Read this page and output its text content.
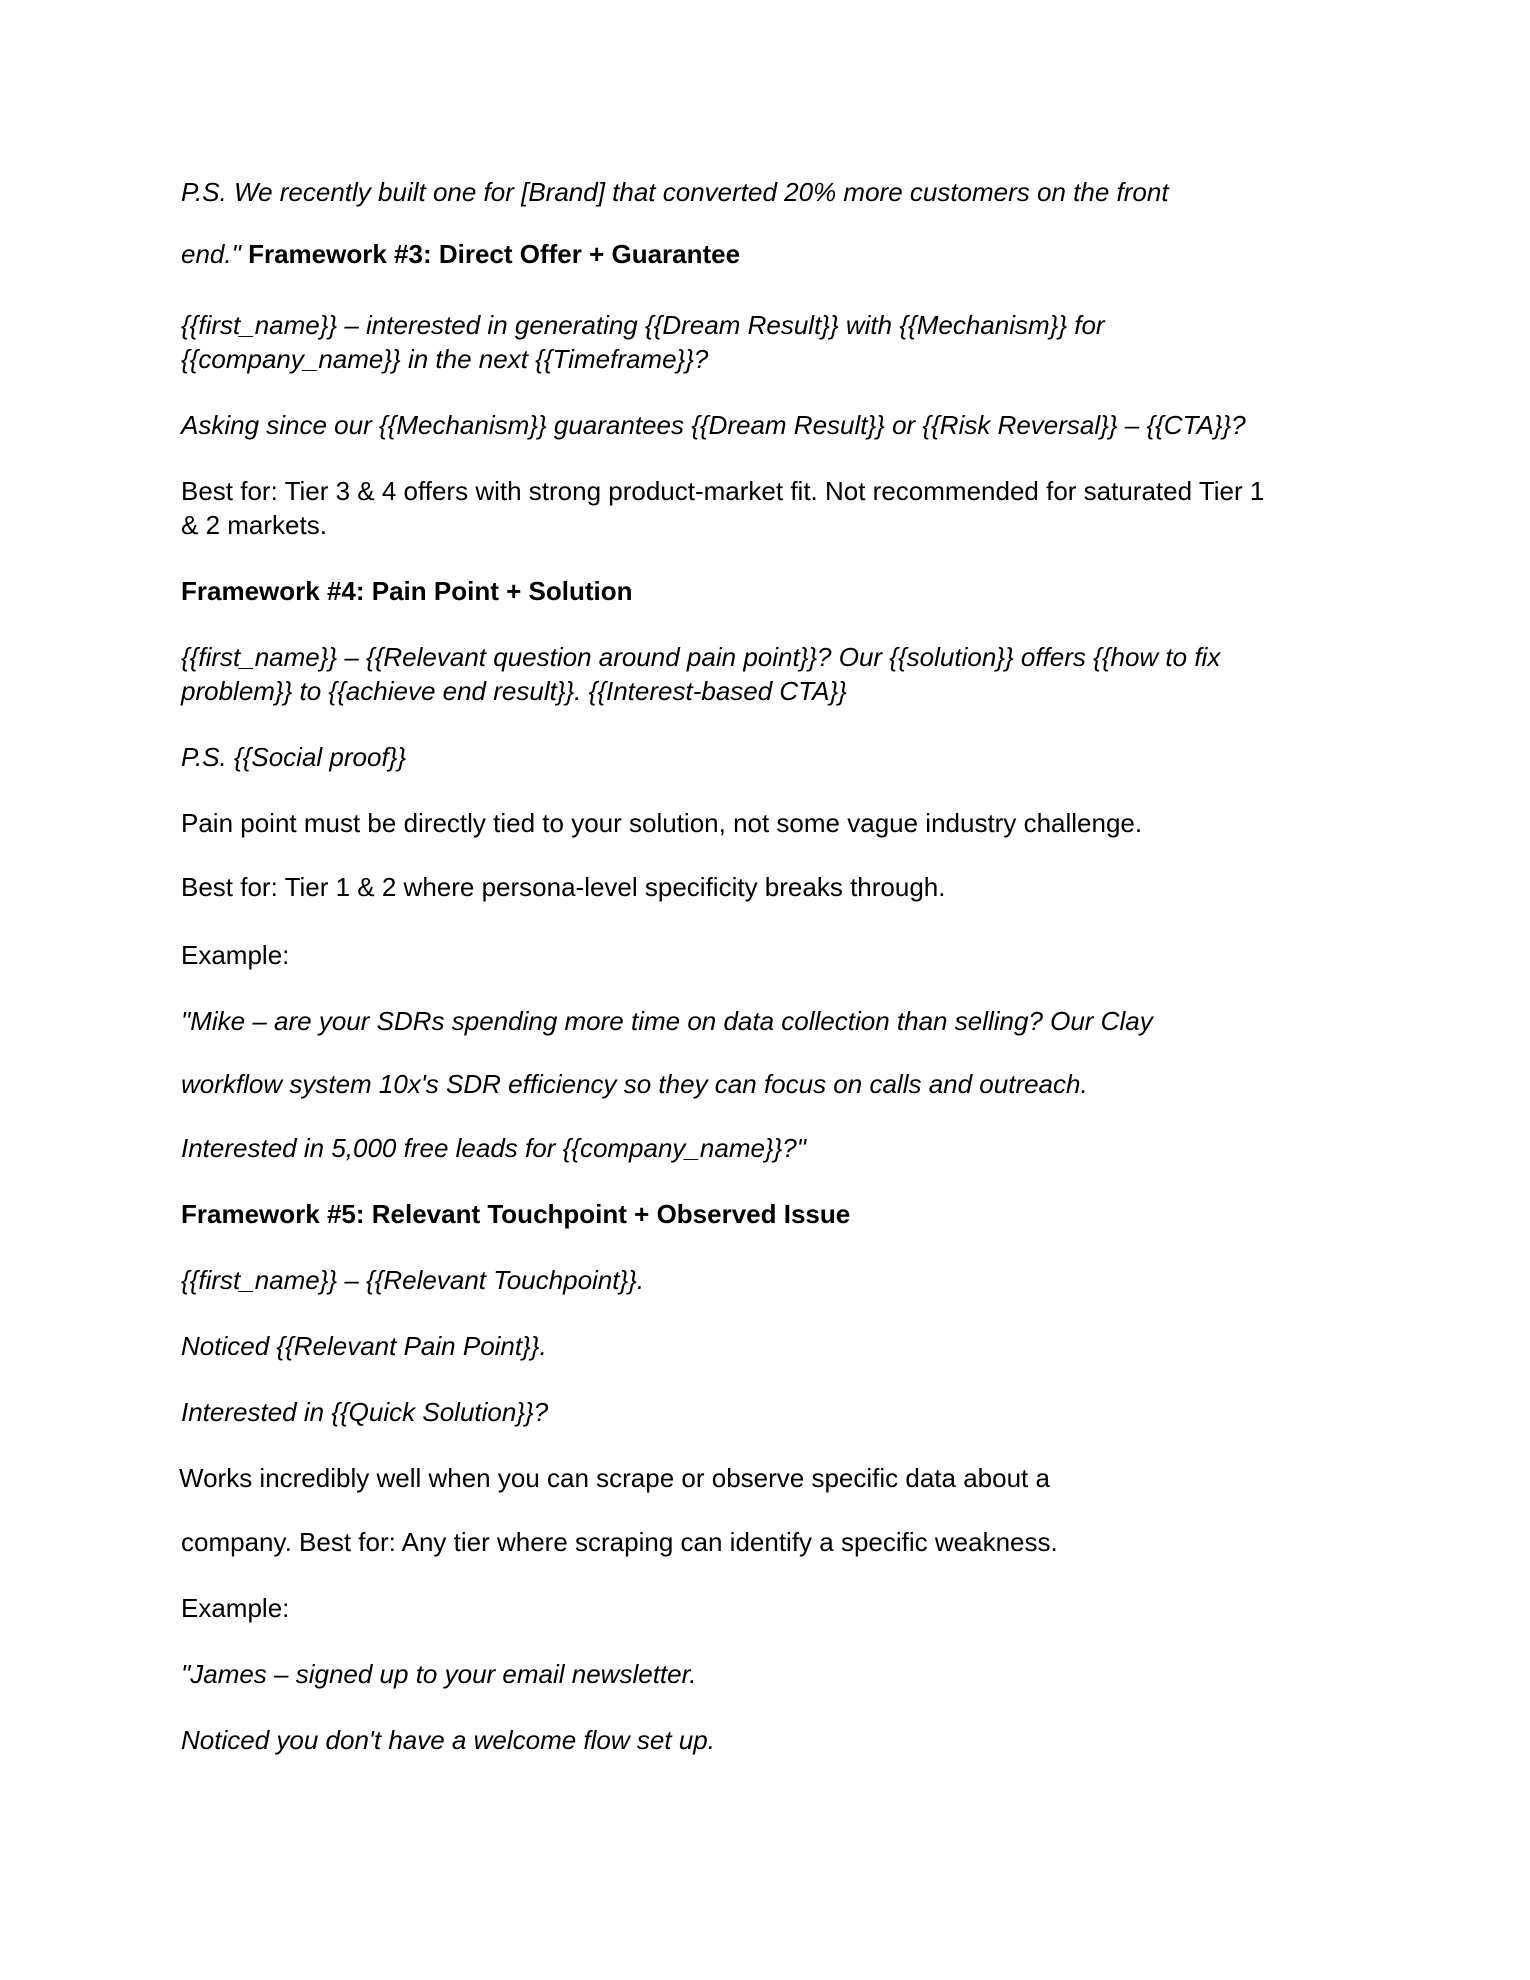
P.S. We recently built one for [Brand] that converted 20% more customers on the front

end." Framework #3: Direct Offer + Guarantee

{{first_name}} – interested in generating {{Dream Result}} with {{Mechanism}} for

{{company_name}} in the next {{Timeframe}}?

Asking since our {{Mechanism}} guarantees {{Dream Result}} or {{Risk Reversal}} – {{CTA}}?

Best for: Tier 3 & 4 offers with strong product-market fit. Not recommended for saturated Tier 1

& 2 markets.

Framework #4: Pain Point + Solution

{{first_name}} – {{Relevant question around pain point}}? Our {{solution}} offers {{how to fix

problem}} to {{achieve end result}}. {{Interest-based CTA}}

P.S. {{Social proof}}

Pain point must be directly tied to your solution, not some vague industry challenge.

Best for: Tier 1 & 2 where persona-level specificity breaks through.

Example:

"Mike – are your SDRs spending more time on data collection than selling? Our Clay

workflow system 10x's SDR efficiency so they can focus on calls and outreach.

Interested in 5,000 free leads for {{company_name}}?"

Framework #5: Relevant Touchpoint + Observed Issue

{{first_name}} – {{Relevant Touchpoint}}.

Noticed {{Relevant Pain Point}}.

Interested in {{Quick Solution}}?

Works incredibly well when you can scrape or observe specific data about a

company. Best for: Any tier where scraping can identify a specific weakness.

Example:

"James – signed up to your email newsletter.

Noticed you don't have a welcome flow set up.
